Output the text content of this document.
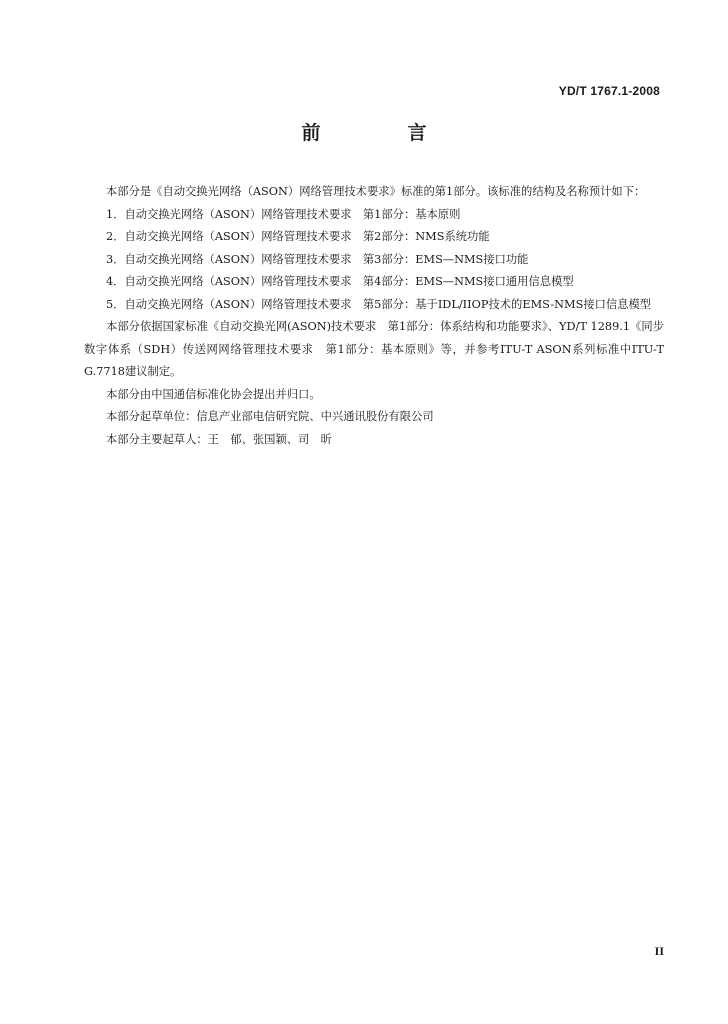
YD/T 1767.1-2008
前　言

本部分是《自动交换光网络（ASON）网络管理技术要求》标准的第1部分。该标准的结构及名称预计如下：

1．自动交换光网络（ASON）网络管理技术要求　第1部分：基本原则

2．自动交换光网络（ASON）网络管理技术要求　第2部分：NMS系统功能

3．自动交换光网络（ASON）网络管理技术要求　第3部分：EMS—NMS接口功能

4．自动交换光网络（ASON）网络管理技术要求　第4部分：EMS—NMS接口通用信息模型

5．自动交换光网络（ASON）网络管理技术要求　第5部分：基于IDL/IIOP技术的EMS-NMS接口信息模型

本部分依据国家标准《自动交换光网(ASON)技术要求　第1部分：体系结构和功能要求》、YD/T 1289.1《同步数字体系（SDH）传送网网络管理技术要求　第1部分：基本原则》等，并参考ITU-T ASON系列标准中ITU-T G.7718建议制定。

本部分由中国通信标准化协会提出并归口。

本部分起草单位：信息产业部电信研究院、中兴通讯股份有限公司

本部分主要起草人：王　郁、张国颖、司　昕

II
